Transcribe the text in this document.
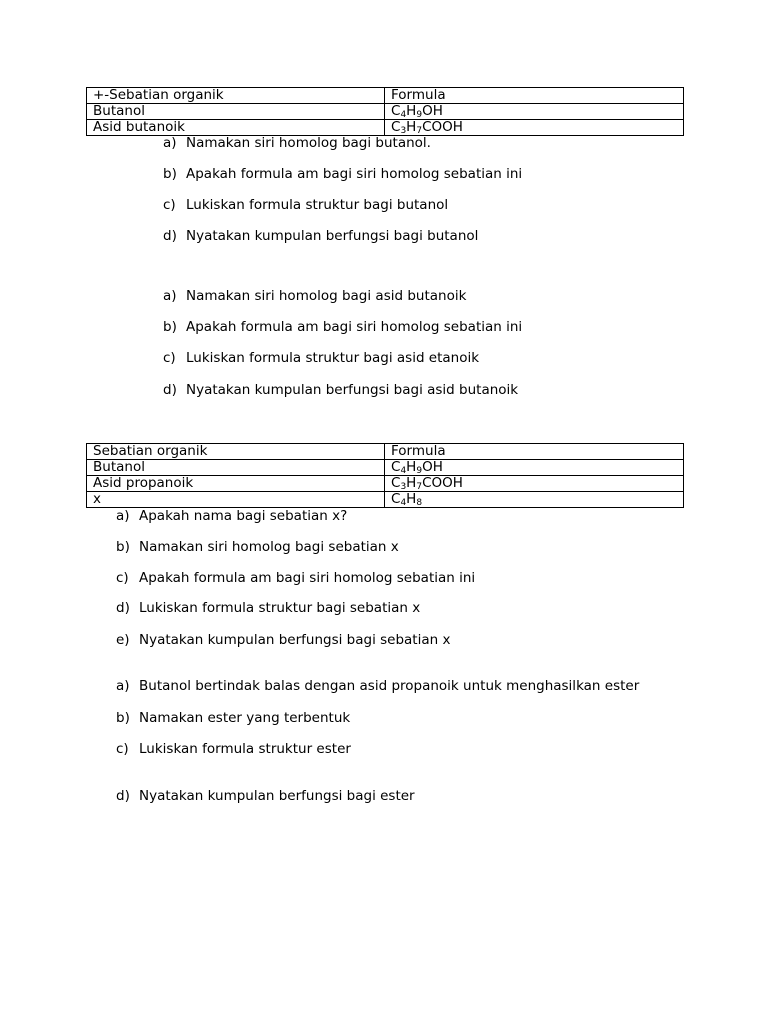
+-Sebatian organik	Formula
Butanol	$C_4H_9OH$
Asid butanoik	$C_3H_7COOH$
a) Namakan siri homolog bagi butanol.
b) Apakah formula am bagi siri homolog sebatian ini
c) Lukiskan formula struktur bagi butanol
d) Nyatakan kumpulan berfungsi bagi butanol
a) Namakan siri homolog bagi asid butanoik
b) Apakah formula am bagi siri homolog sebatian ini
c) Lukiskan formula struktur bagi asid etanoik
d) Nyatakan kumpulan berfungsi bagi asid butanoik
Sebatian organik	Formula
Butanol	$C_4H_9OH$
Asid propanoik	$C_3H_7COOH$
x	$C_4H_8$
a) Apakah nama bagi sebatian x?
b) Namakan siri homolog bagi sebatian x
c) Apakah formula am bagi siri homolog sebatian ini
d) Lukiskan formula struktur bagi sebatian x
e) Nyatakan kumpulan berfungsi bagi sebatian x
a) Butanol bertindak balas dengan asid propanoik untuk menghasilkan ester
b) Namakan ester yang terbentuk
c) Lukiskan formula struktur ester
d) Nyatakan kumpulan berfungsi bagi ester
